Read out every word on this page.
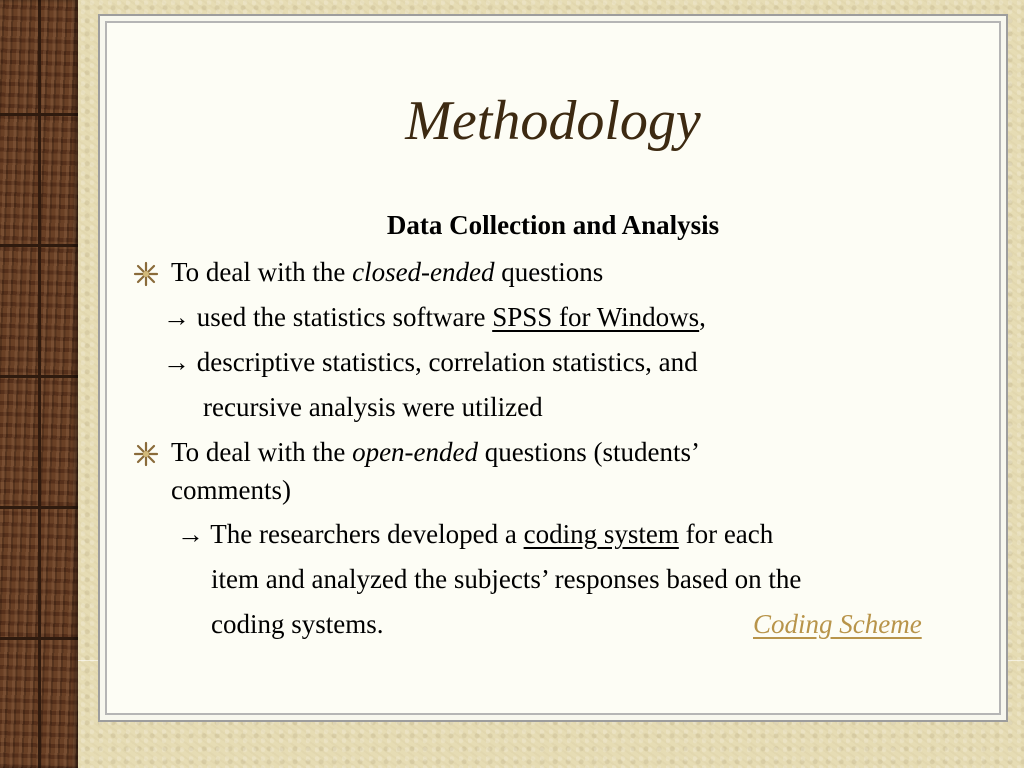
Methodology
Data Collection and Analysis
To deal with the closed-ended questions
→ used the statistics software SPSS for Windows,
→ descriptive statistics, correlation statistics, and
recursive analysis were utilized
To deal with the open-ended questions (students’
comments)
→ The researchers developed a coding system for each
item and analyzed the subjects’ responses based on the
coding systems.	Coding Scheme
